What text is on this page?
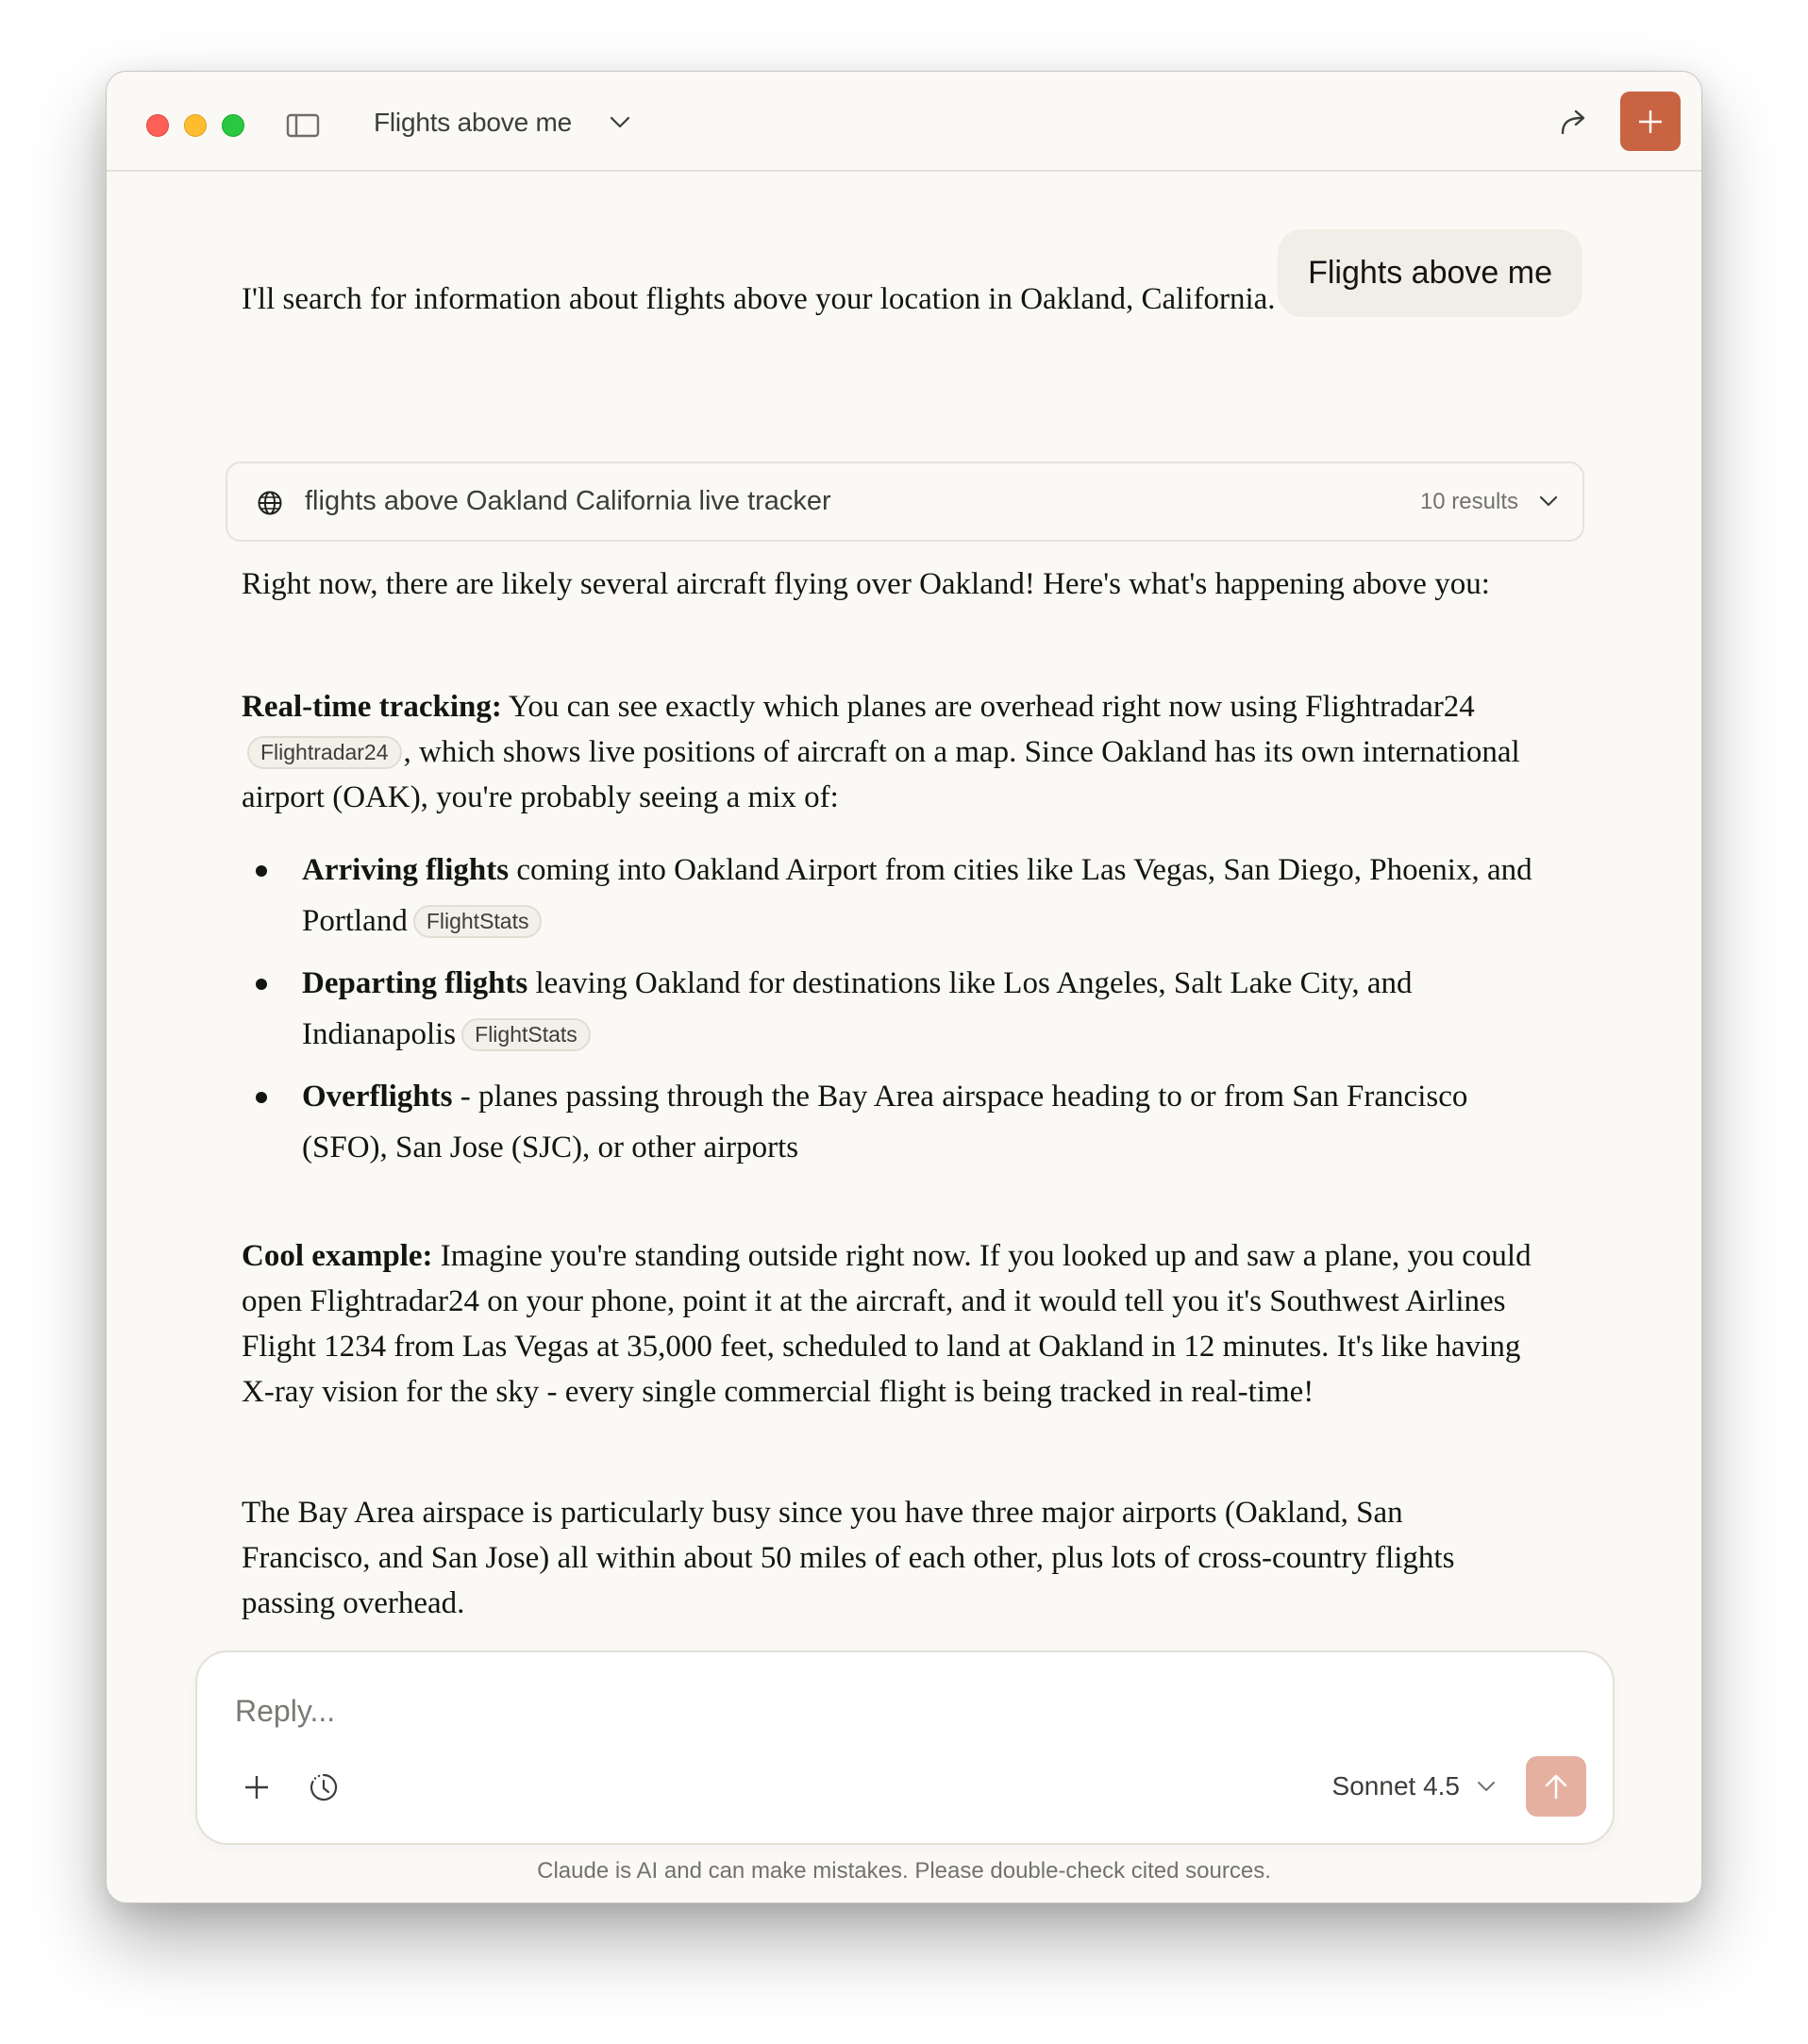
Flights above me
Flights above me
I'll search for information about flights above your location in Oakland, California.
flights above Oakland California live tracker	10 results
Right now, there are likely several aircraft flying over Oakland! Here's what's happening above you:
Real-time tracking: You can see exactly which planes are overhead right now using Flightradar24Flightradar24 , which shows live positions of aircraft on a map. Since Oakland has its own international airport (OAK), you're probably seeing a mix of:
Arriving flights coming into Oakland Airport from cities like Las Vegas, San Diego, Phoenix, and Portland FlightStats
Departing flights leaving Oakland for destinations like Los Angeles, Salt Lake City, and Indianapolis FlightStats
Overflights - planes passing through the Bay Area airspace heading to or from San Francisco (SFO), San Jose (SJC), or other airports
Cool example: Imagine you're standing outside right now. If you looked up and saw a plane, you could open Flightradar24 on your phone, point it at the aircraft, and it would tell you it's Southwest Airlines Flight 1234 from Las Vegas at 35,000 feet, scheduled to land at Oakland in 12 minutes. It's like having X-ray vision for the sky - every single commercial flight is being tracked in real-time!
The Bay Area airspace is particularly busy since you have three major airports (Oakland, San Francisco, and San Jose) all within about 50 miles of each other, plus lots of cross-country flights passing overhead.
Reply...
Sonnet 4.5
Claude is AI and can make mistakes. Please double-check cited sources.
